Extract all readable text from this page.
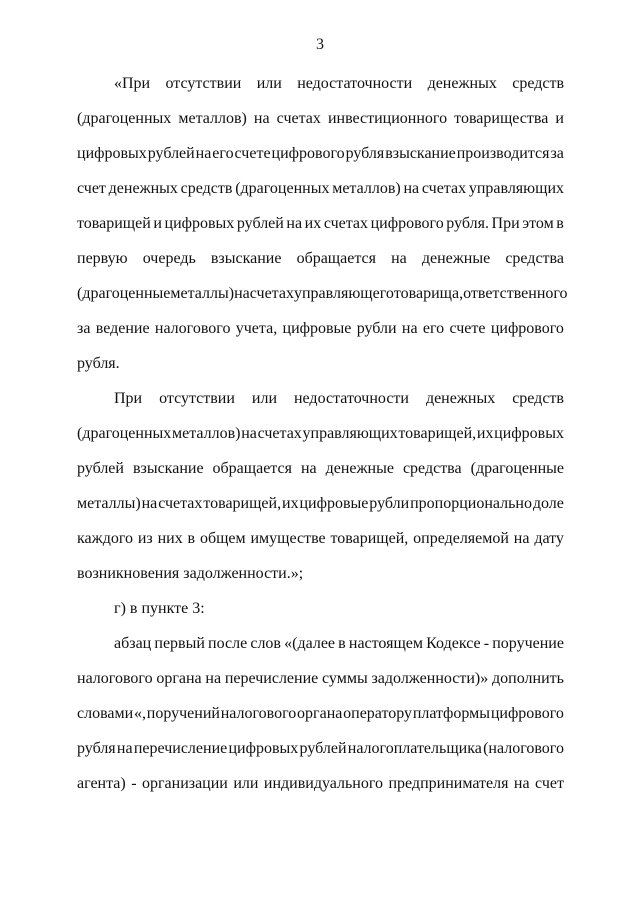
3
«При отсутствии или недостаточности денежных средств
(драгоценных металлов) на счетах инвестиционного товарищества и
цифровых рублей на его счете цифрового рубля взыскание производится за
счет денежных средств (драгоценных металлов) на счетах управляющих
товарищей и цифровых рублей на их счетах цифрового рубля. При этом в
первую очередь взыскание обращается на денежные средства
(драгоценные металлы) на счетах управляющего товарища, ответственного
за ведение налогового учета, цифровые рубли на его счете цифрового
рубля.
При отсутствии или недостаточности денежных средств
(драгоценных металлов) на счетах управляющих товарищей, их цифровых
рублей взыскание обращается на денежные средства (драгоценные
металлы) на счетах товарищей, их цифровые рубли пропорционально доле
каждого из них в общем имуществе товарищей, определяемой на дату
возникновения задолженности.»;
г) в пункте 3:
абзац первый после слов «(далее в настоящем Кодексе - поручение
налогового органа на перечисление суммы задолженности)» дополнить
словами «, поручений налогового органа оператору платформы цифрового
рубля на перечисление цифровых рублей налогоплательщика (налогового
агента) - организации или индивидуального предпринимателя на счет
